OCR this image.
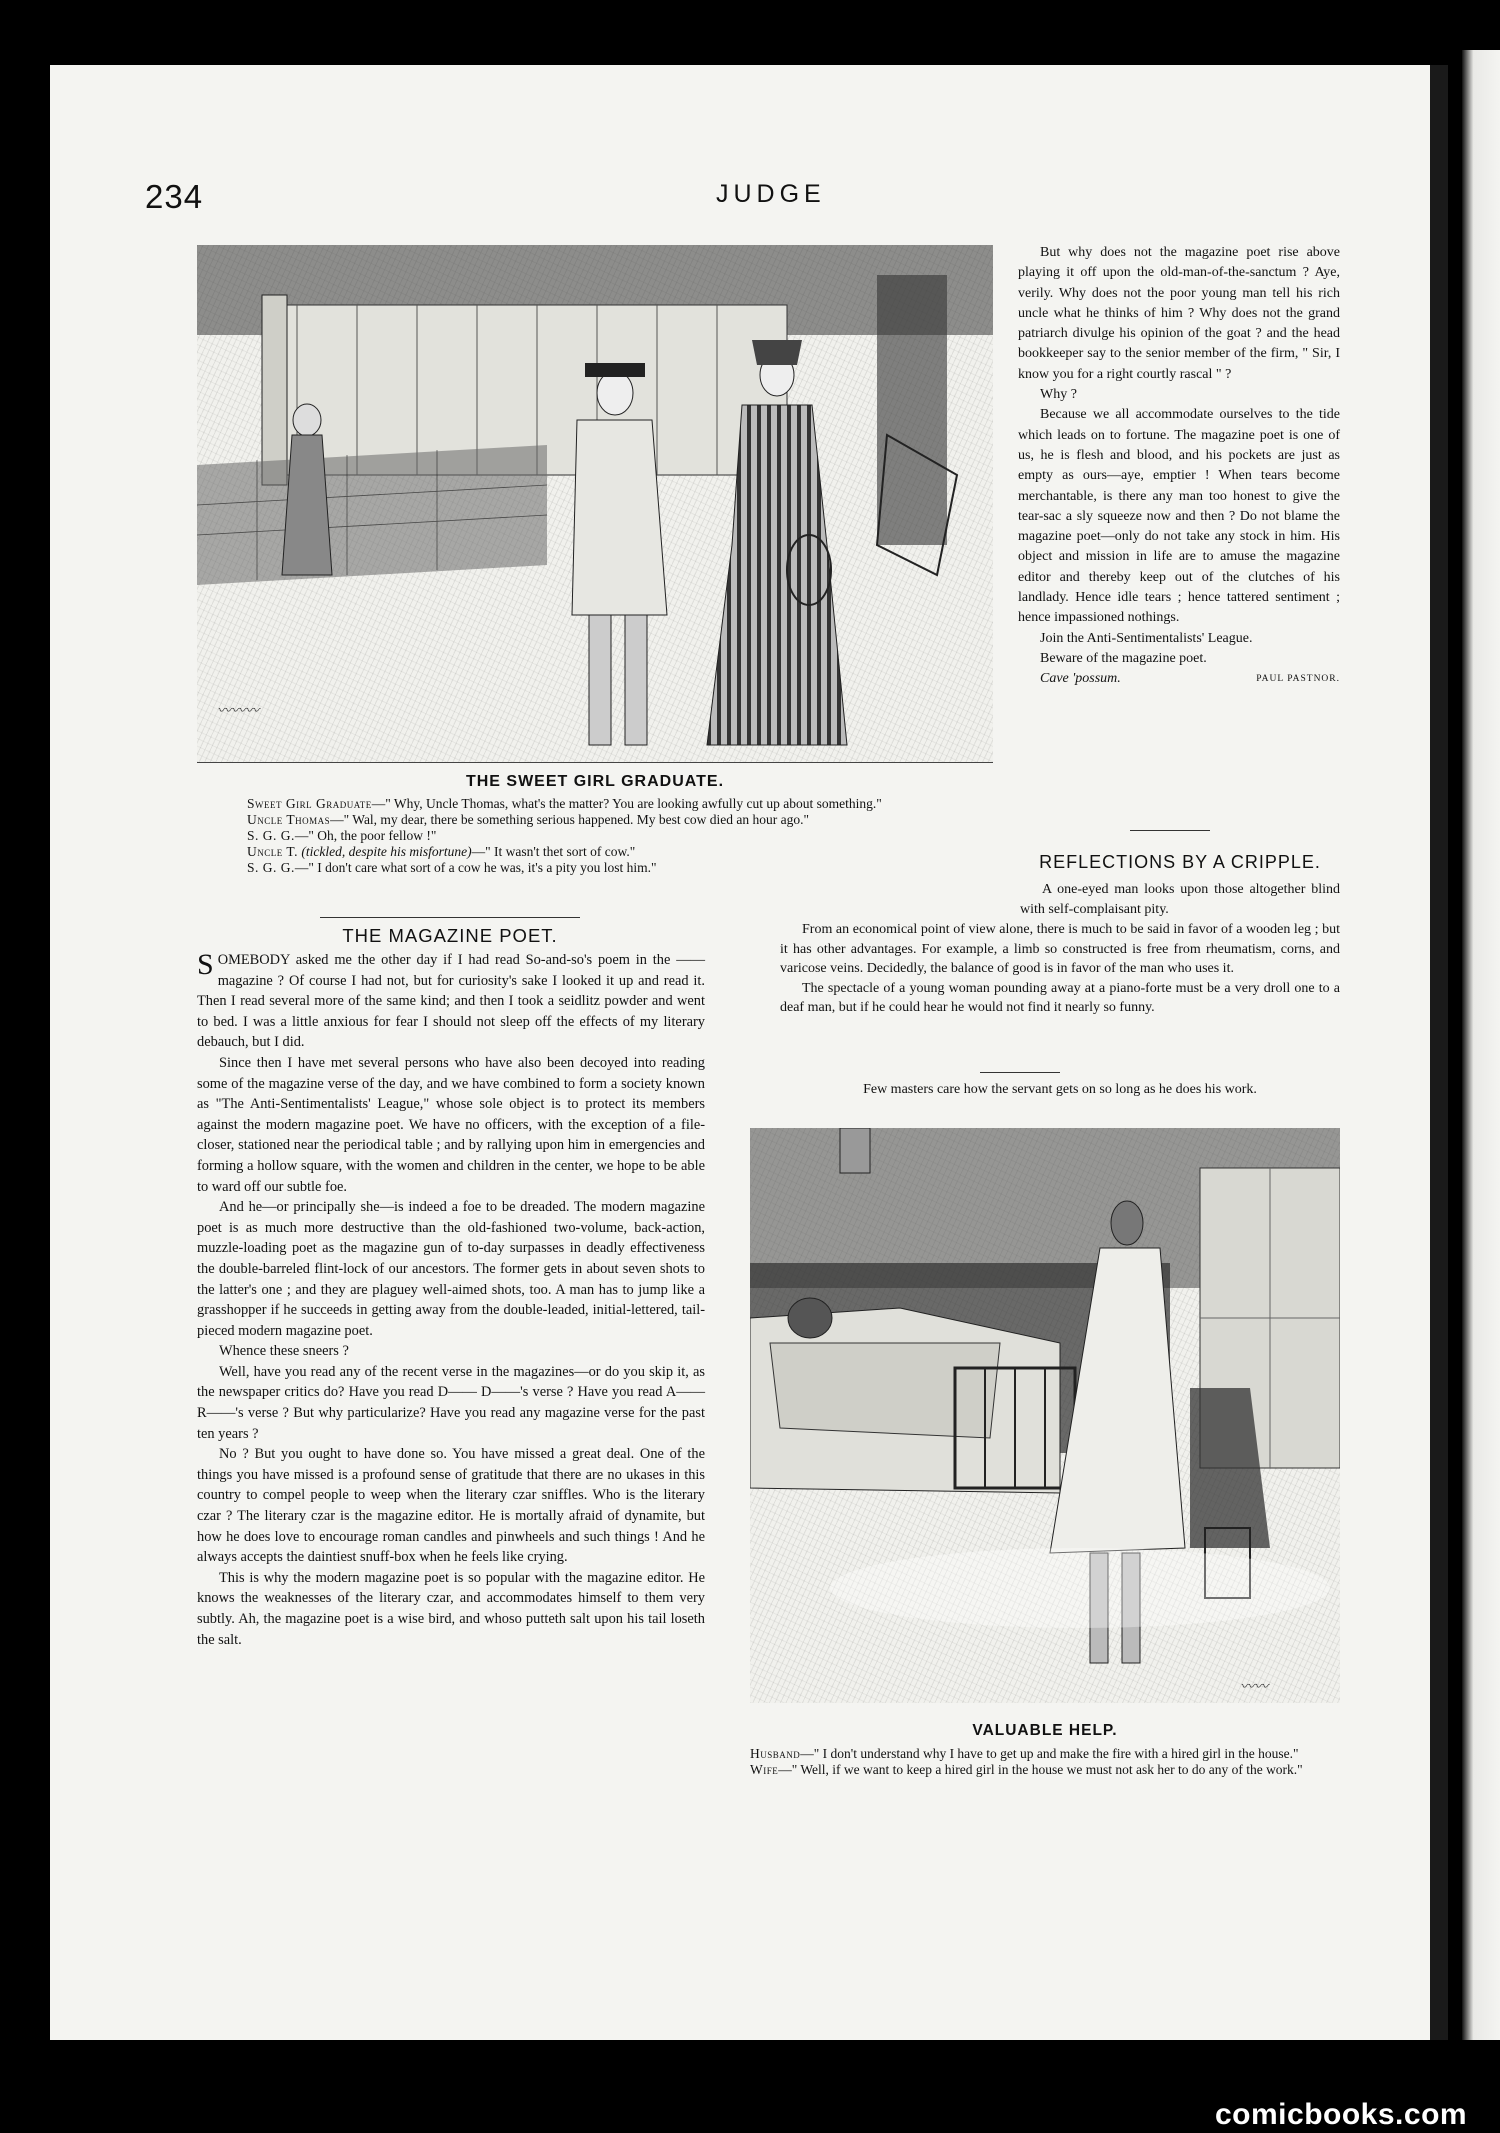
234	JUDGE
〰〰〰
THE SWEET GIRL GRADUATE.

Sweet Girl Graduate—" Why, Uncle Thomas, what's the matter? You are looking awfully cut up about something."

Uncle Thomas—" Wal, my dear, there be something serious happened. My best cow died an hour ago."

S. G. G.—" Oh, the poor fellow !"

Uncle T. (tickled, despite his misfortune)—" It wasn't thet sort of cow."

S. G. G.—" I don't care what sort of a cow he was, it's a pity you lost him."

THE MAGAZINE POET.

SOMEBODY asked me the other day if I had read So-and-so's poem in the —— magazine ? Of course I had not, but for curiosity's sake I looked it up and read it. Then I read several more of the same kind; and then I took a seidlitz powder and went to bed. I was a little anxious for fear I should not sleep off the effects of my literary debauch, but I did.

Since then I have met several persons who have also been decoyed into reading some of the magazine verse of the day, and we have combined to form a society known as "The Anti-Sentimentalists' League," whose sole object is to protect its members against the modern magazine poet. We have no officers, with the exception of a file-closer, stationed near the periodical table ; and by rallying upon him in emergencies and forming a hollow square, with the women and children in the center, we hope to be able to ward off our subtle foe.

And he—or principally she—is indeed a foe to be dreaded. The modern magazine poet is as much more destructive than the old-fashioned two-volume, back-action, muzzle-loading poet as the magazine gun of to-day surpasses in deadly effectiveness the double-barreled flint-lock of our ancestors. The former gets in about seven shots to the latter's one ; and they are plaguey well-aimed shots, too. A man has to jump like a grasshopper if he succeeds in getting away from the double-leaded, initial-lettered, tail-pieced modern magazine poet.

Whence these sneers ?

Well, have you read any of the recent verse in the magazines—or do you skip it, as the newspaper critics do? Have you read D—— D——'s verse ? Have you read A—— R——'s verse ? But why particularize? Have you read any magazine verse for the past ten years ?

No ? But you ought to have done so. You have missed a great deal. One of the things you have missed is a profound sense of gratitude that there are no ukases in this country to compel people to weep when the literary czar sniffles. Who is the literary czar ? The literary czar is the magazine editor. He is mortally afraid of dynamite, but how he does love to encourage roman candles and pinwheels and such things ! And he always accepts the daintiest snuff-box when he feels like crying.

This is why the modern magazine poet is so popular with the magazine editor. He knows the weaknesses of the literary czar, and accommodates himself to them very subtly. Ah, the magazine poet is a wise bird, and whoso putteth salt upon his tail loseth the salt.

But why does not the magazine poet rise above playing it off upon the old-man-of-the-sanctum ? Aye, verily. Why does not the poor young man tell his rich uncle what he thinks of him ? Why does not the grand patriarch divulge his opinion of the goat ? and the head bookkeeper say to the senior member of the firm, " Sir, I know you for a right courtly rascal " ?

Why ?

Because we all accommodate ourselves to the tide which leads on to fortune. The magazine poet is one of us, he is flesh and blood, and his pockets are just as empty as ours—aye, emptier ! When tears become merchantable, is there any man too honest to give the tear-sac a sly squeeze now and then ? Do not blame the magazine poet—only do not take any stock in him. His object and mission in life are to amuse the magazine editor and thereby keep out of the clutches of his landlady. Hence idle tears ; hence tattered sentiment ; hence impassioned nothings.

Join the Anti-Sentimentalists' League.

Beware of the magazine poet.

Cave 'possum.	PAUL PASTNOR.

REFLECTIONS BY A CRIPPLE.

A one-eyed man looks upon those altogether blind with self-complaisant pity.

From an economical point of view alone, there is much to be said in favor of a wooden leg ; but it has other advantages. For example, a limb so constructed is free from rheumatism, corns, and varicose veins. Decidedly, the balance of good is in favor of the man who uses it.

The spectacle of a young woman pounding away at a piano-forte must be a very droll one to a deaf man, but if he could hear he would not find it nearly so funny.

Few masters care how the servant gets on so long as he does his work.

〰〰
VALUABLE HELP.

Husband—" I don't understand why I have to get up and make the fire with a hired girl in the house."

Wife—" Well, if we want to keep a hired girl in the house we must not ask her to do any of the work."

comicbooks.com
